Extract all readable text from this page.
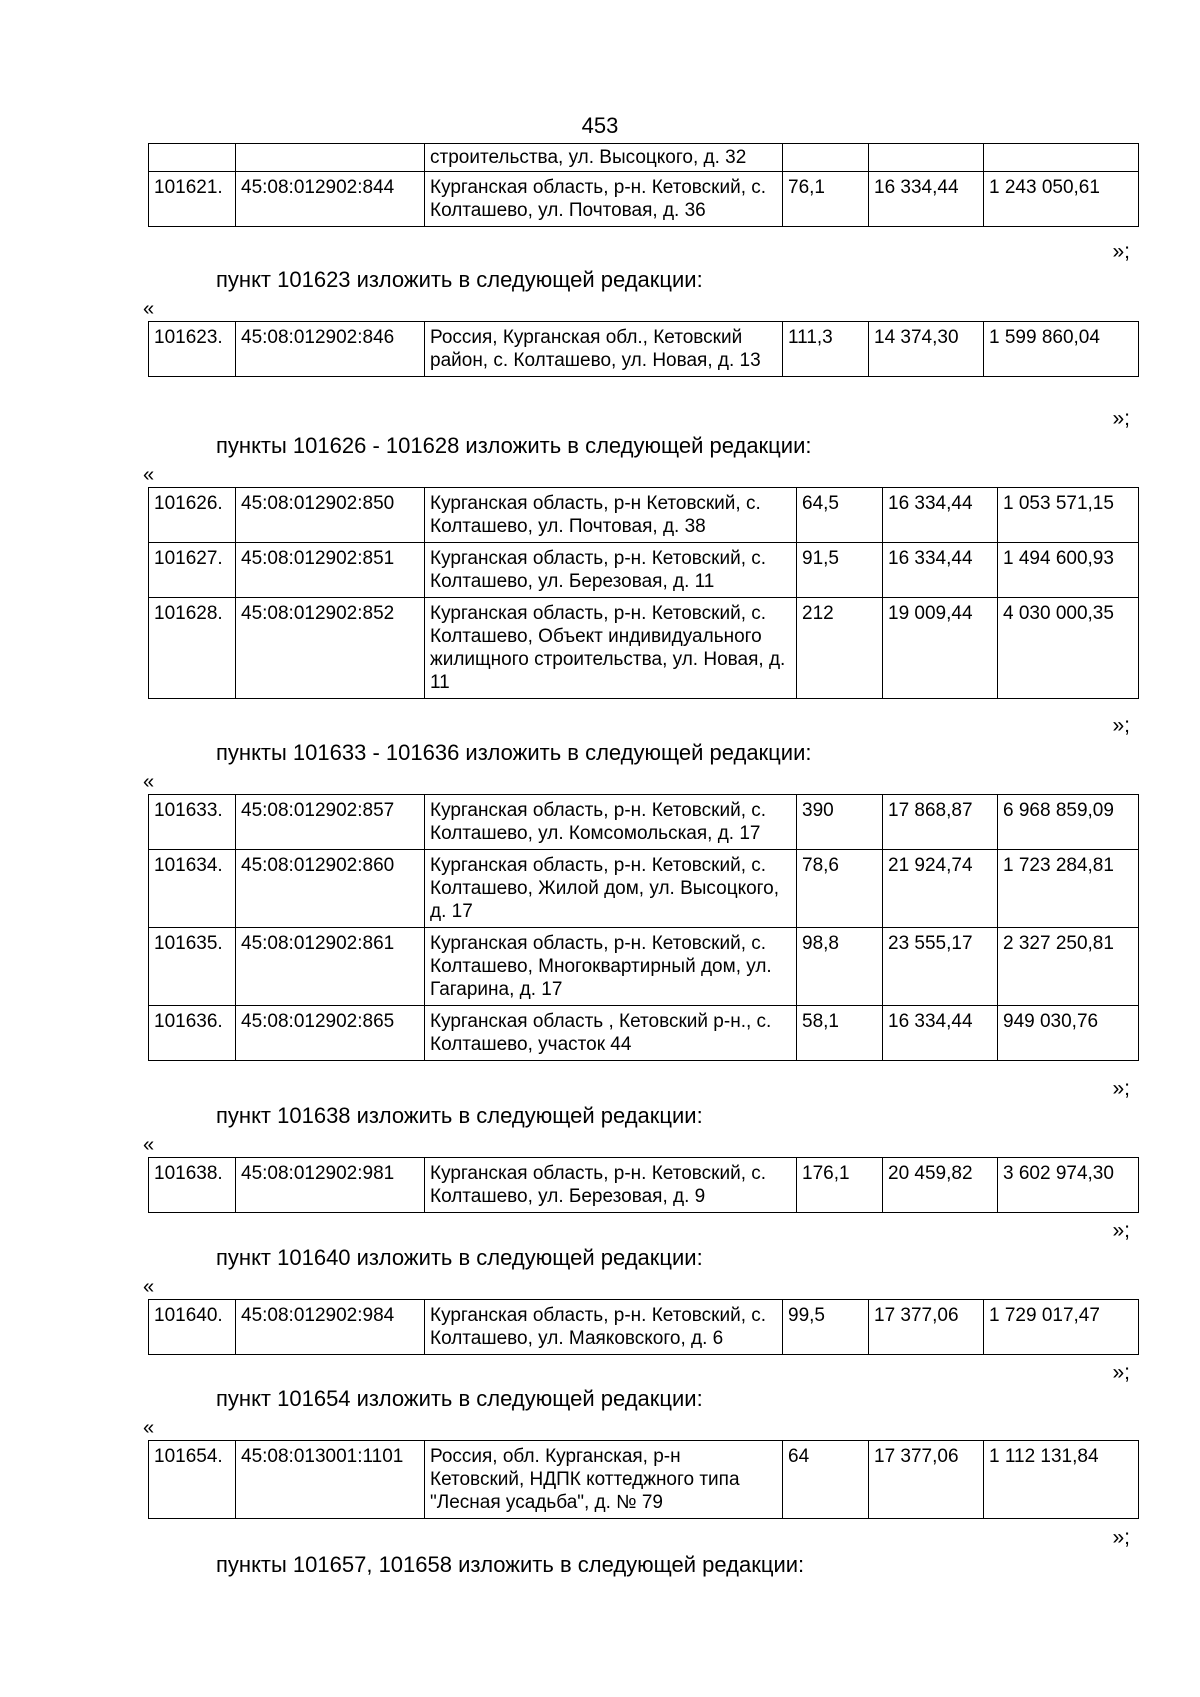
453
		строительства, ул. Высоцкого, д. 32			
101621.	45:08:012902:844	Курганская область, р-н. Кетовский, с. Колташево, ул. Почтовая, д. 36	76,1	16 334,44	1 243 050,61
»;
пункт 101623 изложить в следующей редакции:
«
101623.	45:08:012902:846	Россия, Курганская обл., Кетовский район, с. Колташево, ул. Новая, д. 13	111,3	14 374,30	1 599 860,04
»;
пункты 101626 - 101628 изложить в следующей редакции:
«
101626.	45:08:012902:850	Курганская область, р-н Кетовский, с. Колташево, ул. Почтовая, д. 38	64,5	16 334,44	1 053 571,15
101627.	45:08:012902:851	Курганская область, р-н. Кетовский, с. Колташево, ул. Березовая, д. 11	91,5	16 334,44	1 494 600,93
101628.	45:08:012902:852	Курганская область, р-н. Кетовский, с. Колташево, Объект индивидуального жилищного строительства, ул. Новая, д. 11	212	19 009,44	4 030 000,35
»;
пункты 101633 - 101636 изложить в следующей редакции:
«
101633.	45:08:012902:857	Курганская область, р-н. Кетовский, с. Колташево, ул. Комсомольская, д. 17	390	17 868,87	6 968 859,09
101634.	45:08:012902:860	Курганская область, р-н. Кетовский, с. Колташево, Жилой дом, ул. Высоцкого, д. 17	78,6	21 924,74	1 723 284,81
101635.	45:08:012902:861	Курганская область, р-н. Кетовский, с. Колташево, Многоквартирный дом, ул. Гагарина, д. 17	98,8	23 555,17	2 327 250,81
101636.	45:08:012902:865	Курганская область , Кетовский р-н., с. Колташево, участок 44	58,1	16 334,44	949 030,76
»;
пункт 101638 изложить в следующей редакции:
«
101638.	45:08:012902:981	Курганская область, р-н. Кетовский, с. Колташево, ул. Березовая, д. 9	176,1	20 459,82	3 602 974,30
»;
пункт 101640 изложить в следующей редакции:
«
101640.	45:08:012902:984	Курганская область, р-н. Кетовский, с. Колташево, ул. Маяковского, д. 6	99,5	17 377,06	1 729 017,47
»;
пункт 101654 изложить в следующей редакции:
«
101654.	45:08:013001:1101	Россия, обл. Курганская, р-н Кетовский, НДПК коттеджного типа "Лесная усадьба", д. № 79	64	17 377,06	1 112 131,84
»;
пункты 101657, 101658 изложить в следующей редакции:
